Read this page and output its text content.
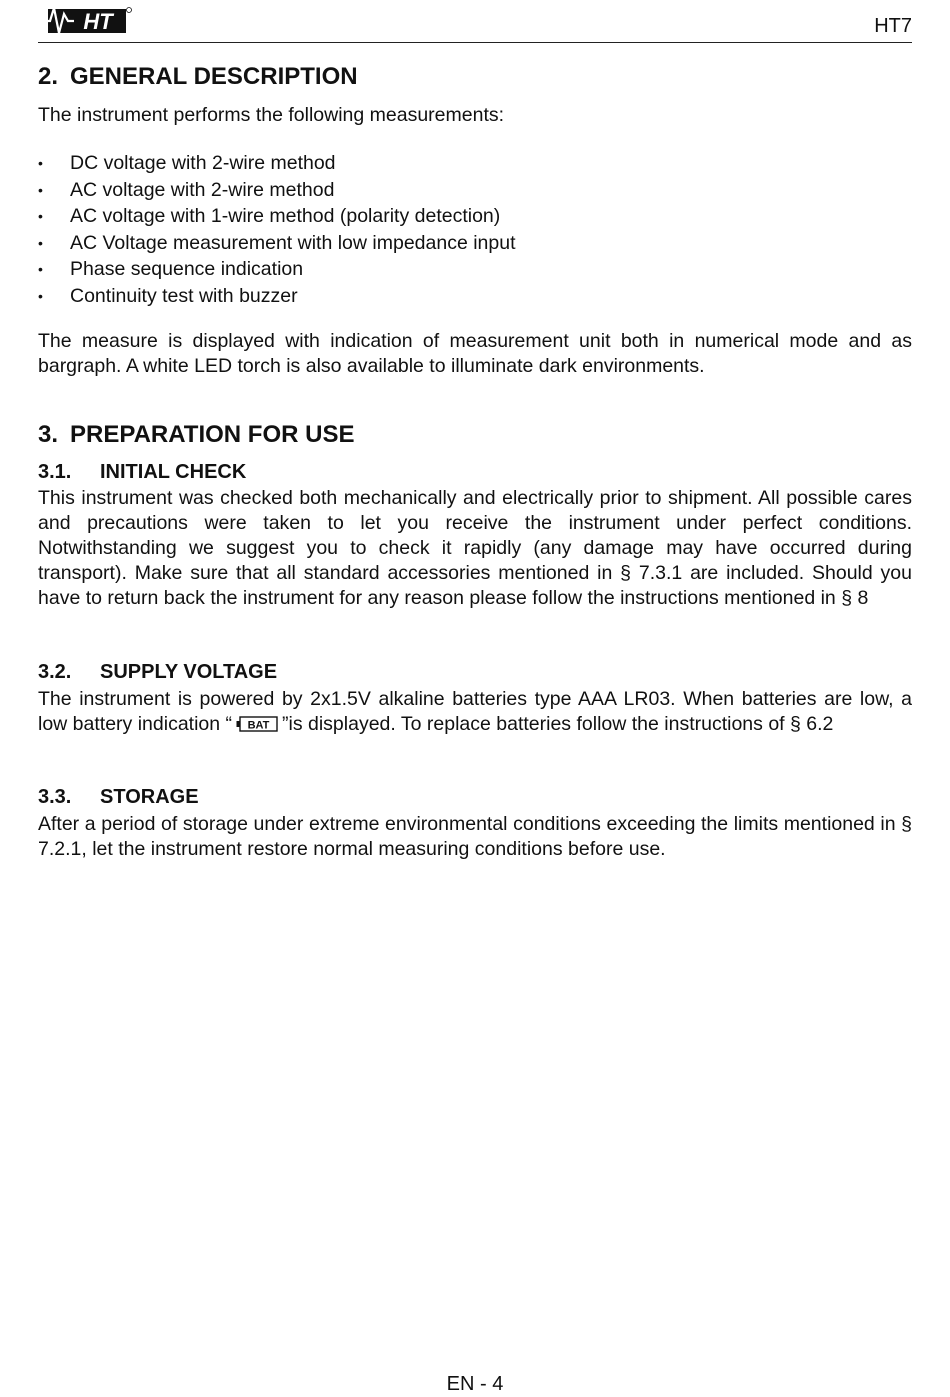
HT	HT7
2. GENERAL DESCRIPTION

The instrument performs the following measurements:

• DC voltage with 2-wire method
• AC voltage with 2-wire method
• AC voltage with 1-wire method (polarity detection)
• AC Voltage measurement with low impedance input
• Phase sequence indication
• Continuity test with buzzer

The measure is displayed with indication of measurement unit both in numerical mode and as bargraph. A white LED torch is also available to illuminate dark environments.

3. PREPARATION FOR USE
3.1. INITIAL CHECK

This instrument was checked both mechanically and electrically prior to shipment. All possible cares and precautions were taken to let you receive the instrument under perfect conditions. Notwithstanding we suggest you to check it rapidly (any damage may have occurred during transport). Make sure that all standard accessories mentioned in § 7.3.1 are included. Should you have to return back the instrument for any reason please follow the instructions mentioned in § 8

3.2. SUPPLY VOLTAGE

The instrument is powered by 2x1.5V alkaline batteries type AAA LR03. When batteries are low, a low battery indication “ BAT ”is displayed. To replace batteries follow the instructions of § 6.2

3.3. STORAGE

After a period of storage under extreme environmental conditions exceeding the limits mentioned in § 7.2.1, let the instrument restore normal measuring conditions before use.

EN - 4
